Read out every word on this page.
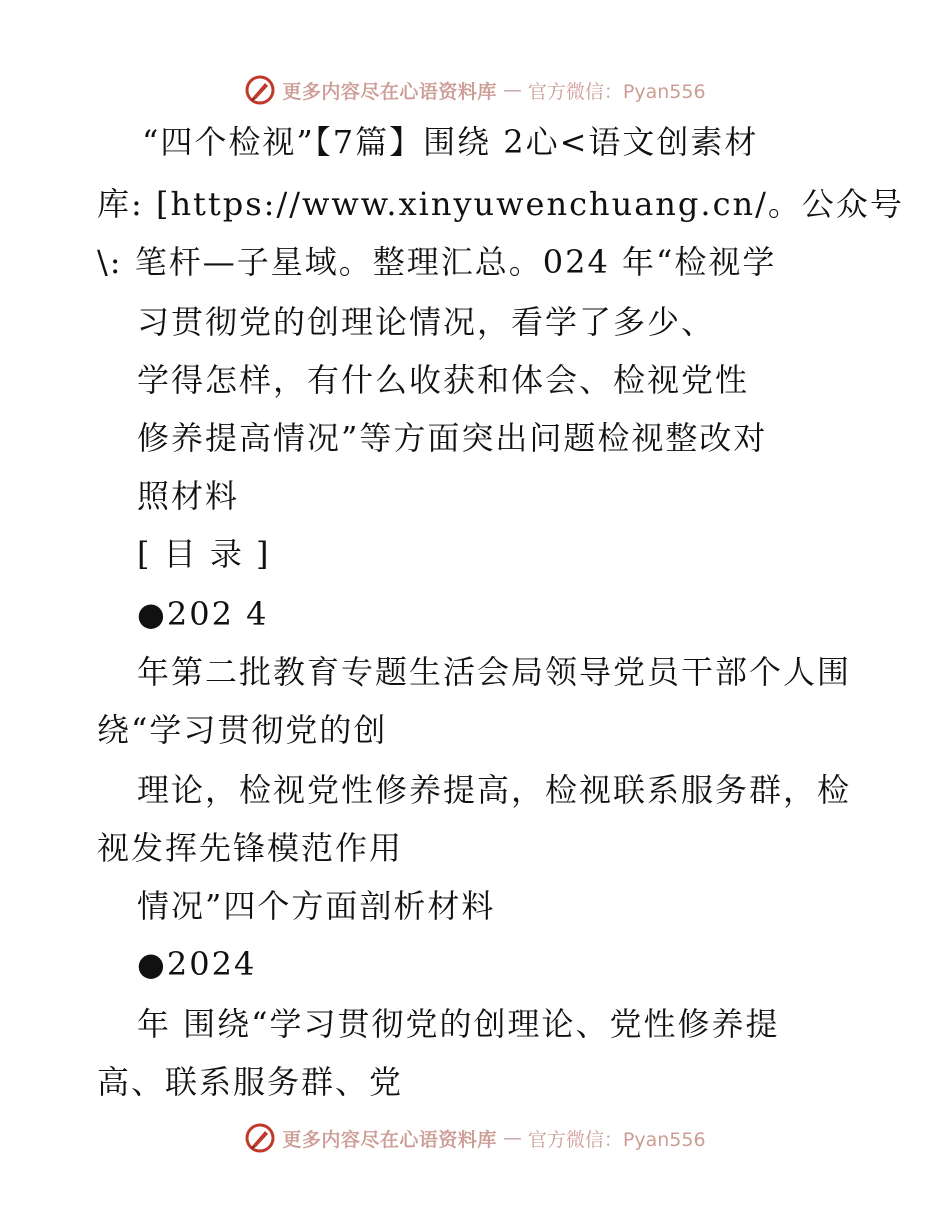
更多内容尽在心语资料库 — 官方微信：Pyan556
“四个检视”【7篇】围绕 2心<语文创素材
库: [https://www.xinyuwenchuang.cn/。公众号
\: 笔杆—子星域。整理汇总。024 年“检视学
习贯彻党的创理论情况，看学了多少、
学得怎样，有什么收获和体会、检视党性
修养提高情况”等方面突出问题检视整改对
照材料
[ 目 录 ]
●202 4
年第二批教育专题生活会局领导党员干部个人围
绕“学习贯彻党的创
理论，检视党性修养提高，检视联系服务群，检
视发挥先锋模范作用
情况”四个方面剖析材料
●2024
年 围绕“学习贯彻党的创理论、党性修养提
高、联系服务群、党
更多内容尽在心语资料库 — 官方微信：Pyan556
